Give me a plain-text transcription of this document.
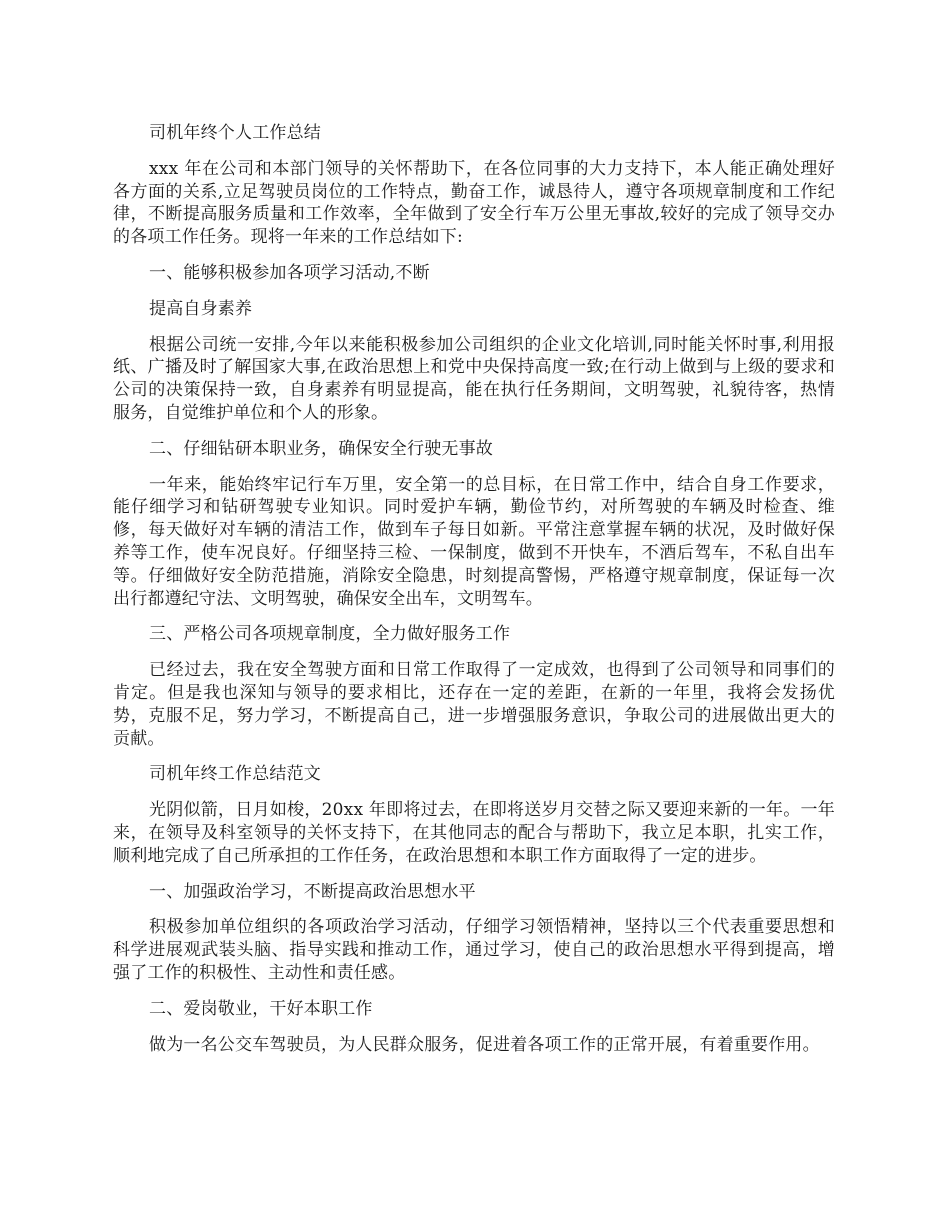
司机年终个人工作总结

xxx 年在公司和本部门领导的关怀帮助下，在各位同事的大力支持下，本人能正确处理好各方面的关系,立足驾驶员岗位的工作特点，勤奋工作，诚恳待人，遵守各项规章制度和工作纪律，不断提高服务质量和工作效率，全年做到了安全行车万公里无事故,较好的完成了领导交办的各项工作任务。现将一年来的工作总结如下:

一、能够积极参加各项学习活动,不断

提高自身素养

根据公司统一安排,今年以来能积极参加公司组织的企业文化培训,同时能关怀时事,利用报纸、广播及时了解国家大事,在政治思想上和党中央保持高度一致;在行动上做到与上级的要求和公司的决策保持一致，自身素养有明显提高，能在执行任务期间，文明驾驶，礼貌待客，热情服务，自觉维护单位和个人的形象。

二、仔细钻研本职业务，确保安全行驶无事故

一年来，能始终牢记行车万里，安全第一的总目标，在日常工作中，结合自身工作要求，能仔细学习和钻研驾驶专业知识。同时爱护车辆，勤俭节约，对所驾驶的车辆及时检查、维修，每天做好对车辆的清洁工作，做到车子每日如新。平常注意掌握车辆的状况，及时做好保养等工作，使车况良好。仔细坚持三检、一保制度，做到不开快车，不酒后驾车，不私自出车等。仔细做好安全防范措施，消除安全隐患，时刻提高警惕，严格遵守规章制度，保证每一次出行都遵纪守法、文明驾驶，确保安全出车，文明驾车。

三、严格公司各项规章制度，全力做好服务工作

已经过去，我在安全驾驶方面和日常工作取得了一定成效，也得到了公司领导和同事们的肯定。但是我也深知与领导的要求相比，还存在一定的差距，在新的一年里，我将会发扬优势，克服不足，努力学习，不断提高自己，进一步增强服务意识，争取公司的进展做出更大的贡献。

司机年终工作总结范文

光阴似箭，日月如梭，20xx 年即将过去，在即将送岁月交替之际又要迎来新的一年。一年来，在领导及科室领导的关怀支持下，在其他同志的配合与帮助下，我立足本职，扎实工作，顺利地完成了自己所承担的工作任务，在政治思想和本职工作方面取得了一定的进步。

一、加强政治学习，不断提高政治思想水平

积极参加单位组织的各项政治学习活动，仔细学习领悟精神，坚持以三个代表重要思想和科学进展观武装头脑、指导实践和推动工作，通过学习，使自己的政治思想水平得到提高，增强了工作的积极性、主动性和责任感。

二、爱岗敬业，干好本职工作

做为一名公交车驾驶员，为人民群众服务，促进着各项工作的正常开展，有着重要作用。
